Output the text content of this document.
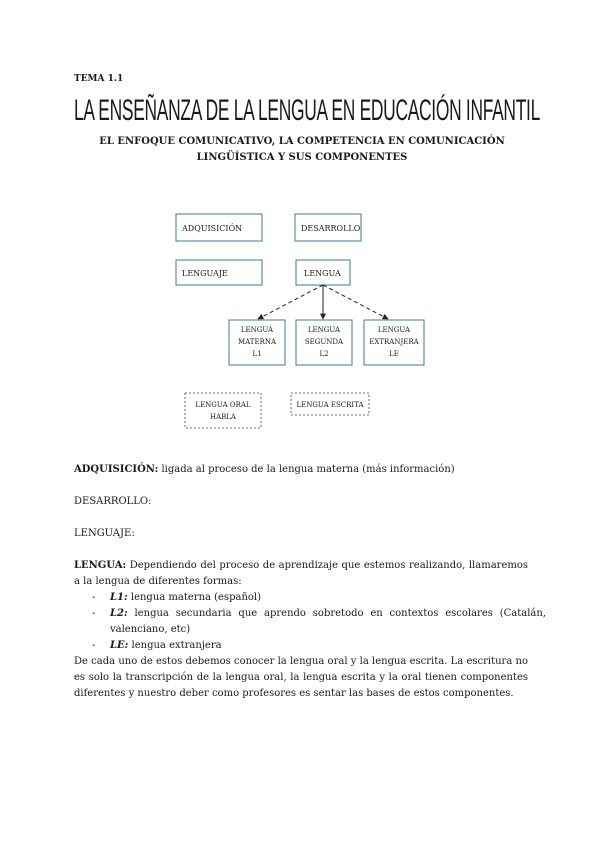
TEMA 1.1
LA ENSEÑANZA DE LA LENGUA EN EDUCACIÓN INFANTIL
EL ENFOQUE COMUNICATIVO, LA COMPETENCIA EN COMUNICACIÓN LINGÜÍSTICA Y SUS COMPONENTES
ADQUISICIÓN	DESARROLLO
LENGUAJE	LENGUA
LENGUA
MATERNA
L1
LENGUA
SEGUNDA
L2
LENGUA
EXTRANJERA
LE
LENGUA ORAL
HABLA
LENGUA ESCRITA
ADQUISICIÓN: ligada al proceso de la lengua materna (más información)
DESARROLLO:
LENGUAJE:
LENGUA: Dependiendo del proceso de aprendizaje que estemos realizando, llamaremos a la lengua de diferentes formas:
- L1: lengua materna (español)
- L2: lengua secundaria que aprendo sobretodo en contextos escolares (Catalán, valenciano, etc)
- LE: lengua extranjera
De cada uno de estos debemos conocer la lengua oral y la lengua escrita. La escritura no es solo la transcripción de la lengua oral, la lengua escrita y la oral tienen componentes diferentes y nuestro deber como profesores es sentar las bases de estos componentes.
